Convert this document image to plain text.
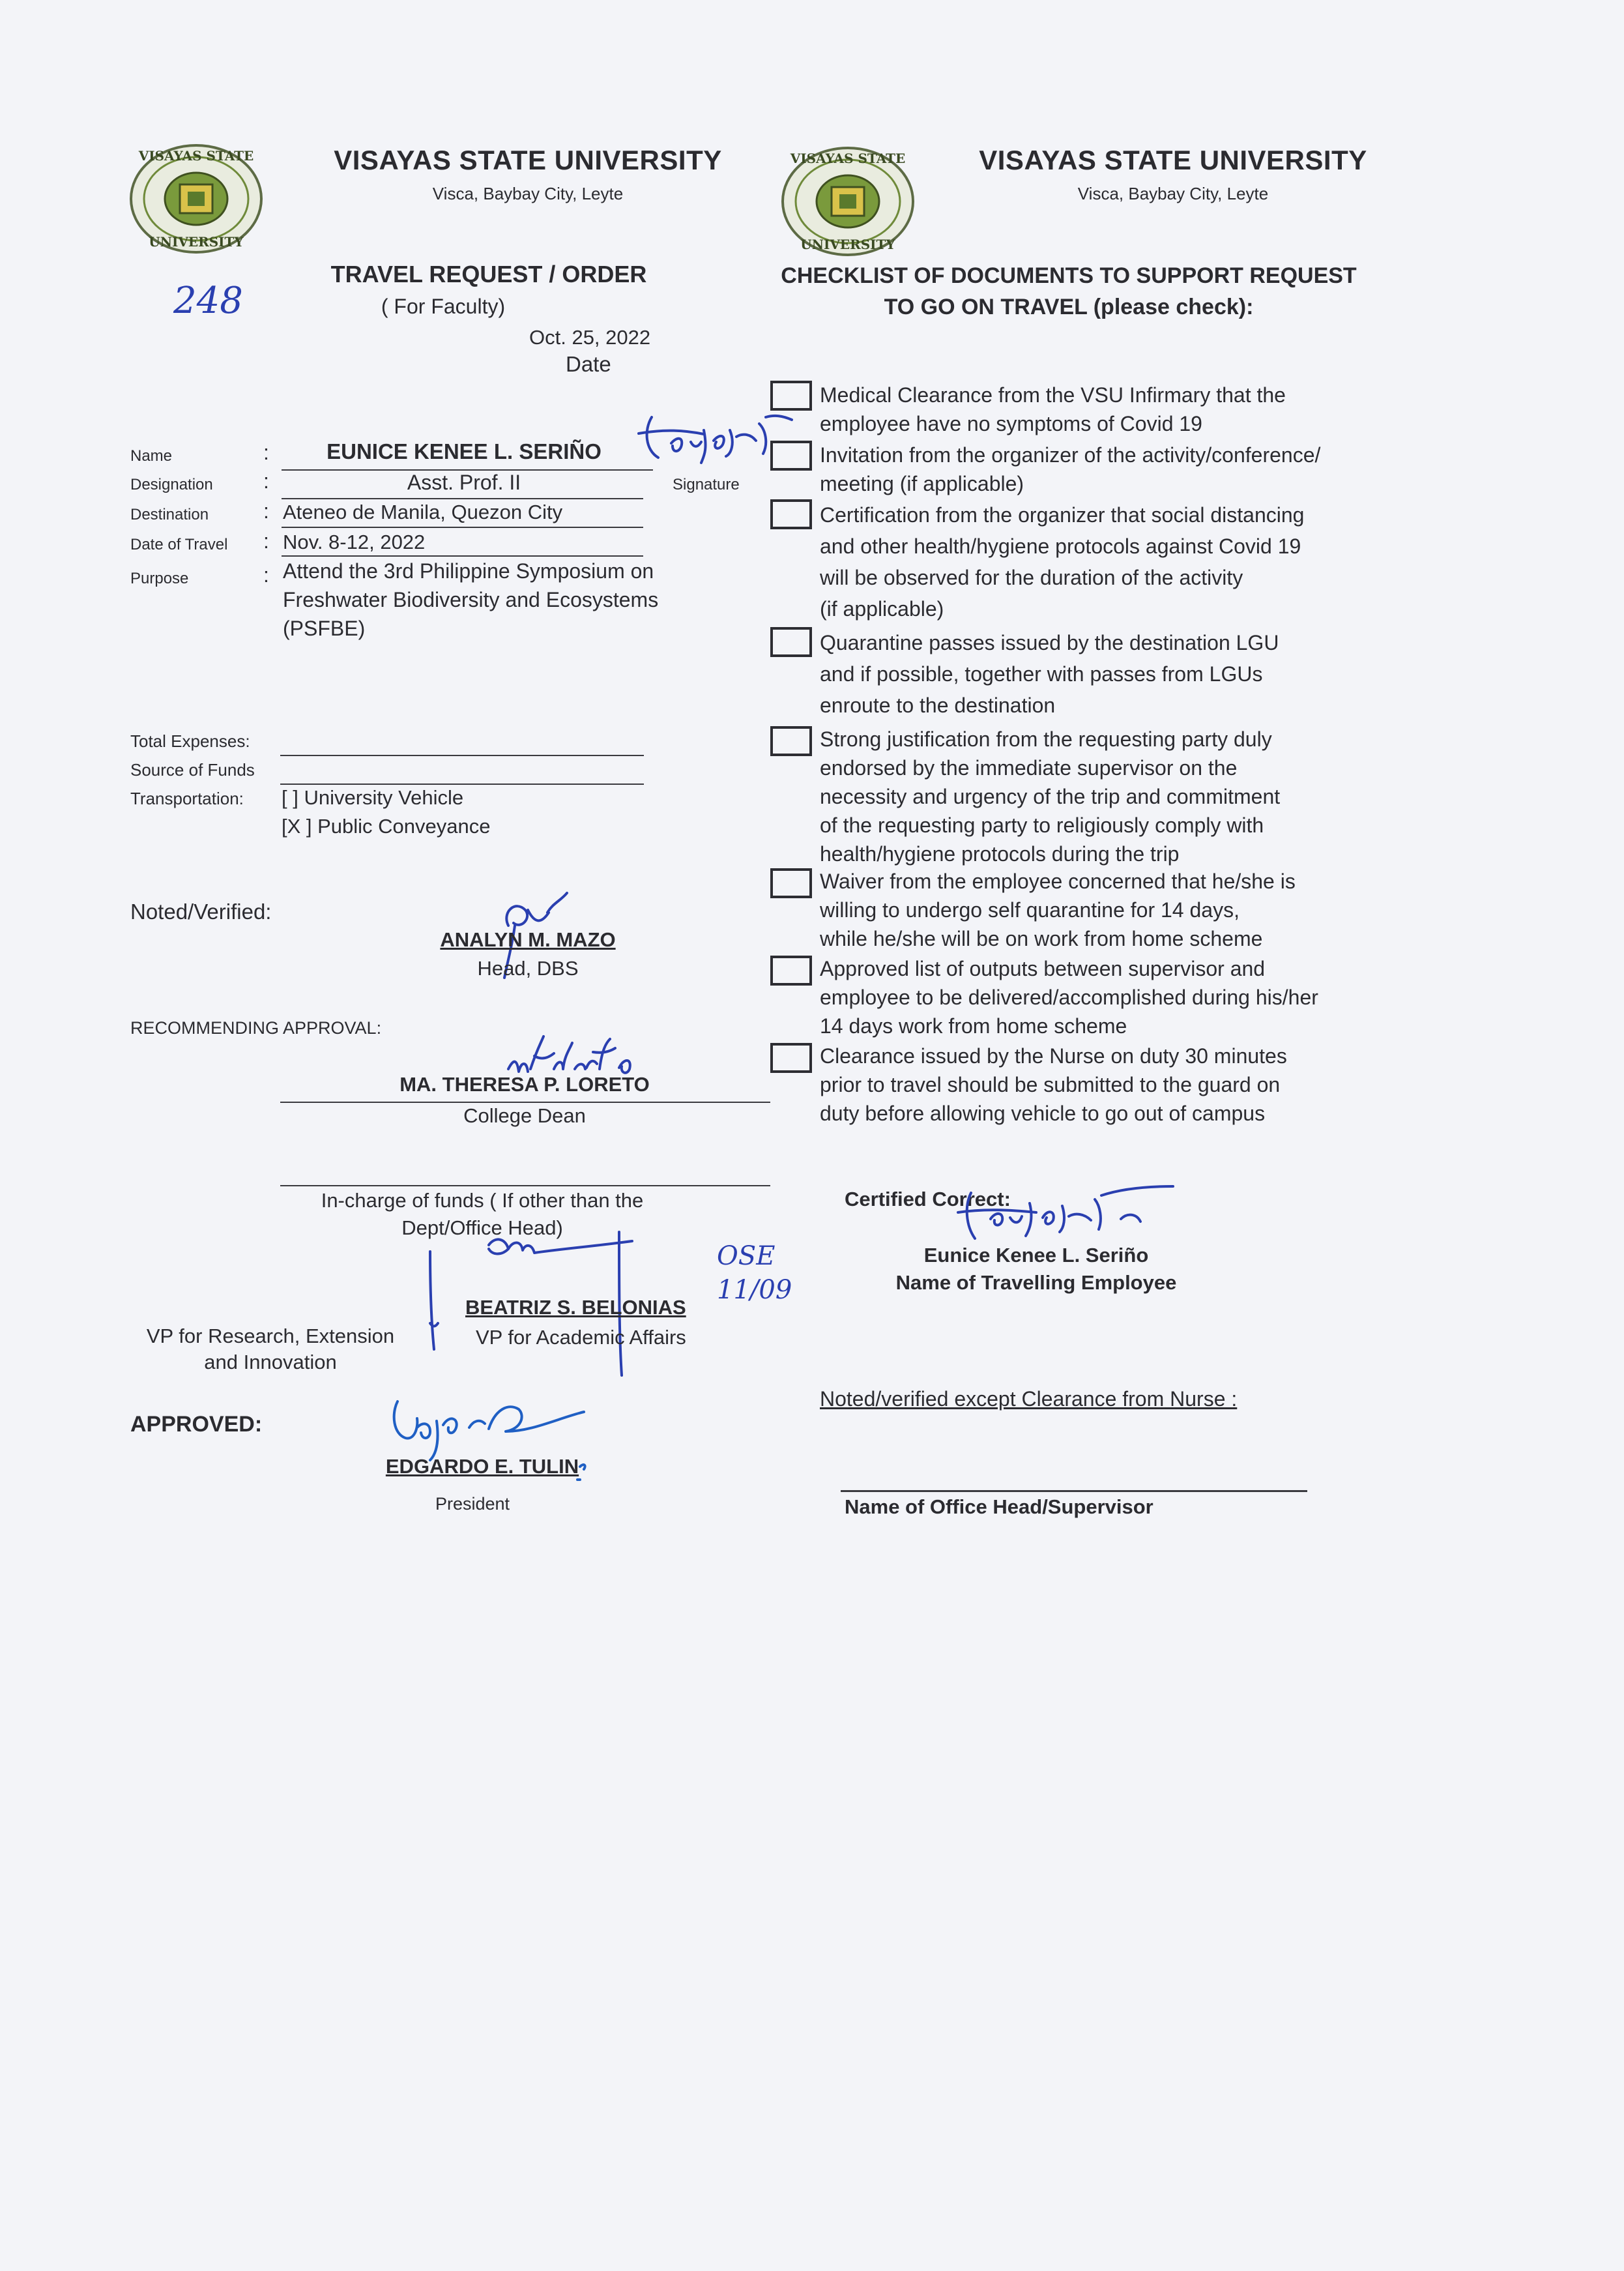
VISAYAS STATE
UNIVERSITY
VISAYAS STATE UNIVERSITY
Visca, Baybay City, Leyte
VISAYAS STATE
UNIVERSITY
VISAYAS STATE UNIVERSITY
Visca, Baybay City, Leyte
248
TRAVEL REQUEST / ORDER
( For Faculty)
Oct. 25, 2022
Date
Name	:	EUNICE KENEE L. SERIÑO
Signature
Designation :	Asst. Prof. II
Destination	: Ateneo de Manila, Quezon City
Date of Travel : Nov. 8-12, 2022
Purpose	: Attend the 3rd Philippine Symposium on
Freshwater Biodiversity and Ecosystems
(PSFBE)
Total Expenses:
Source of Funds
Transportation: [ ] University Vehicle
[X ] Public Conveyance
Noted/Verified:
ANALYN M. MAZO
Head, DBS
RECOMMENDING APPROVAL:
MA. THERESA P. LORETO
College Dean
In-charge of funds ( If other than the
Dept/Office Head)
OSE
11/09
VP for Research, Extension
and Innovation
BEATRIZ S. BELONIAS
VP for Academic Affairs
APPROVED:
EDGARDO E. TULIN
President
CHECKLIST OF DOCUMENTS TO SUPPORT REQUEST
TO GO ON TRAVEL (please check):
Medical Clearance from the VSU Infirmary that the
employee have no symptoms of Covid 19
Invitation from the organizer of the activity/conference/
meeting (if applicable)
Certification from the organizer that social distancing
and other health/hygiene protocols against Covid 19
will be observed for the duration of the activity
(if applicable)
Quarantine passes issued by the destination LGU
and if possible, together with passes from LGUs
enroute to the destination
Strong justification from the requesting party duly
endorsed by the immediate supervisor on the
necessity and urgency of the trip and commitment
of the requesting party to religiously comply with
health/hygiene protocols during the trip
Waiver from the employee concerned that he/she is
willing to undergo self quarantine for 14 days,
while he/she will be on work from home scheme
Approved list of outputs between supervisor and
employee to be delivered/accomplished during his/her
14 days work from home scheme
Clearance issued by the Nurse on duty 30 minutes
prior to travel should be submitted to the guard on
duty before allowing vehicle to go out of campus
Certified Correct:
Eunice Kenee L. Seriño
Name of Travelling Employee
Noted/verified except Clearance from Nurse :
Name of Office Head/Supervisor
